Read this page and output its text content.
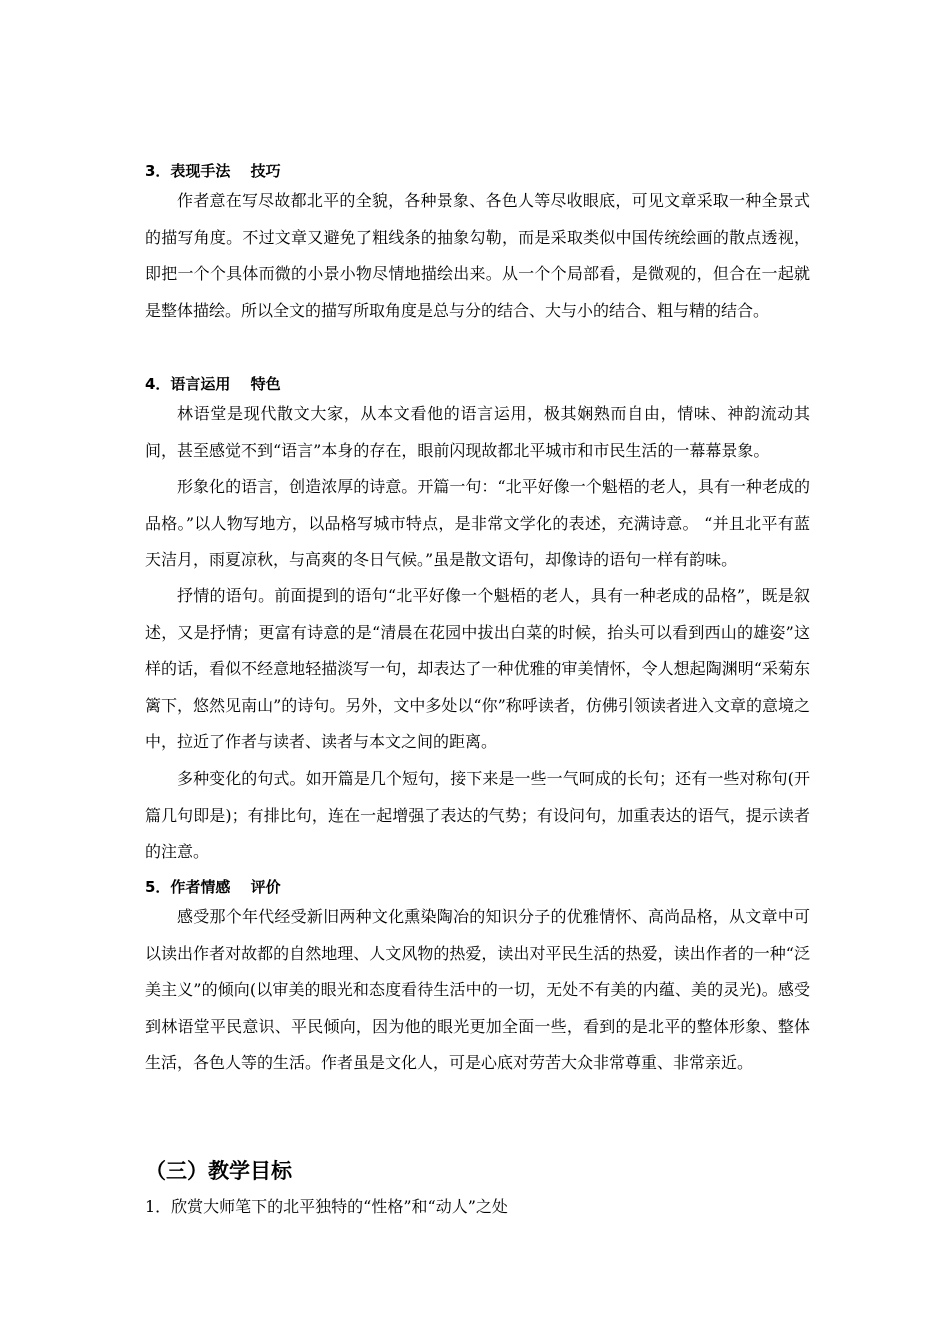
3．表现手法　 技巧

作者意在写尽故都北平的全貌，各种景象、各色人等尽收眼底，可见文章采取一种全景式的描写角度。不过文章又避免了粗线条的抽象勾勒，而是采取类似中国传统绘画的散点透视，即把一个个具体而微的小景小物尽情地描绘出来。从一个个局部看，是微观的，但合在一起就是整体描绘。所以全文的描写所取角度是总与分的结合、大与小的结合、粗与精的结合。

4．语言运用　 特色

林语堂是现代散文大家，从本文看他的语言运用，极其娴熟而自由，情味、神韵流动其间，甚至感觉不到“语言”本身的存在，眼前闪现故都北平城市和市民生活的一幕幕景象。

形象化的语言，创造浓厚的诗意。开篇一句：“北平好像一个魁梧的老人，具有一种老成的品格。”以人物写地方，以品格写城市特点，是非常文学化的表述，充满诗意。 “并且北平有蓝天洁月，雨夏凉秋，与高爽的冬日气候。”虽是散文语句，却像诗的语句一样有韵味。

抒情的语句。前面提到的语句“北平好像一个魁梧的老人，具有一种老成的品格”，既是叙述，又是抒情；更富有诗意的是“清晨在花园中拔出白菜的时候，抬头可以看到西山的雄姿”这样的话，看似不经意地轻描淡写一句，却表达了一种优雅的审美情怀，令人想起陶渊明“采菊东篱下，悠然见南山”的诗句。另外，文中多处以“你”称呼读者，仿佛引领读者进入文章的意境之中，拉近了作者与读者、读者与本文之间的距离。

多种变化的句式。如开篇是几个短句，接下来是一些一气呵成的长句；还有一些对称句(开篇几句即是)；有排比句，连在一起增强了表达的气势；有设问句，加重表达的语气，提示读者的注意。

5．作者情感　 评价

感受那个年代经受新旧两种文化熏染陶冶的知识分子的优雅情怀、高尚品格，从文章中可以读出作者对故都的自然地理、人文风物的热爱，读出对平民生活的热爱，读出作者的一种“泛美主义”的倾向(以审美的眼光和态度看待生活中的一切，无处不有美的内蕴、美的灵光)。感受到林语堂平民意识、平民倾向，因为他的眼光更加全面一些，看到的是北平的整体形象、整体生活，各色人等的生活。作者虽是文化人，可是心底对劳苦大众非常尊重、非常亲近。

（三）教学目标
1．欣赏大师笔下的北平独特的“性格”和“动人”之处
